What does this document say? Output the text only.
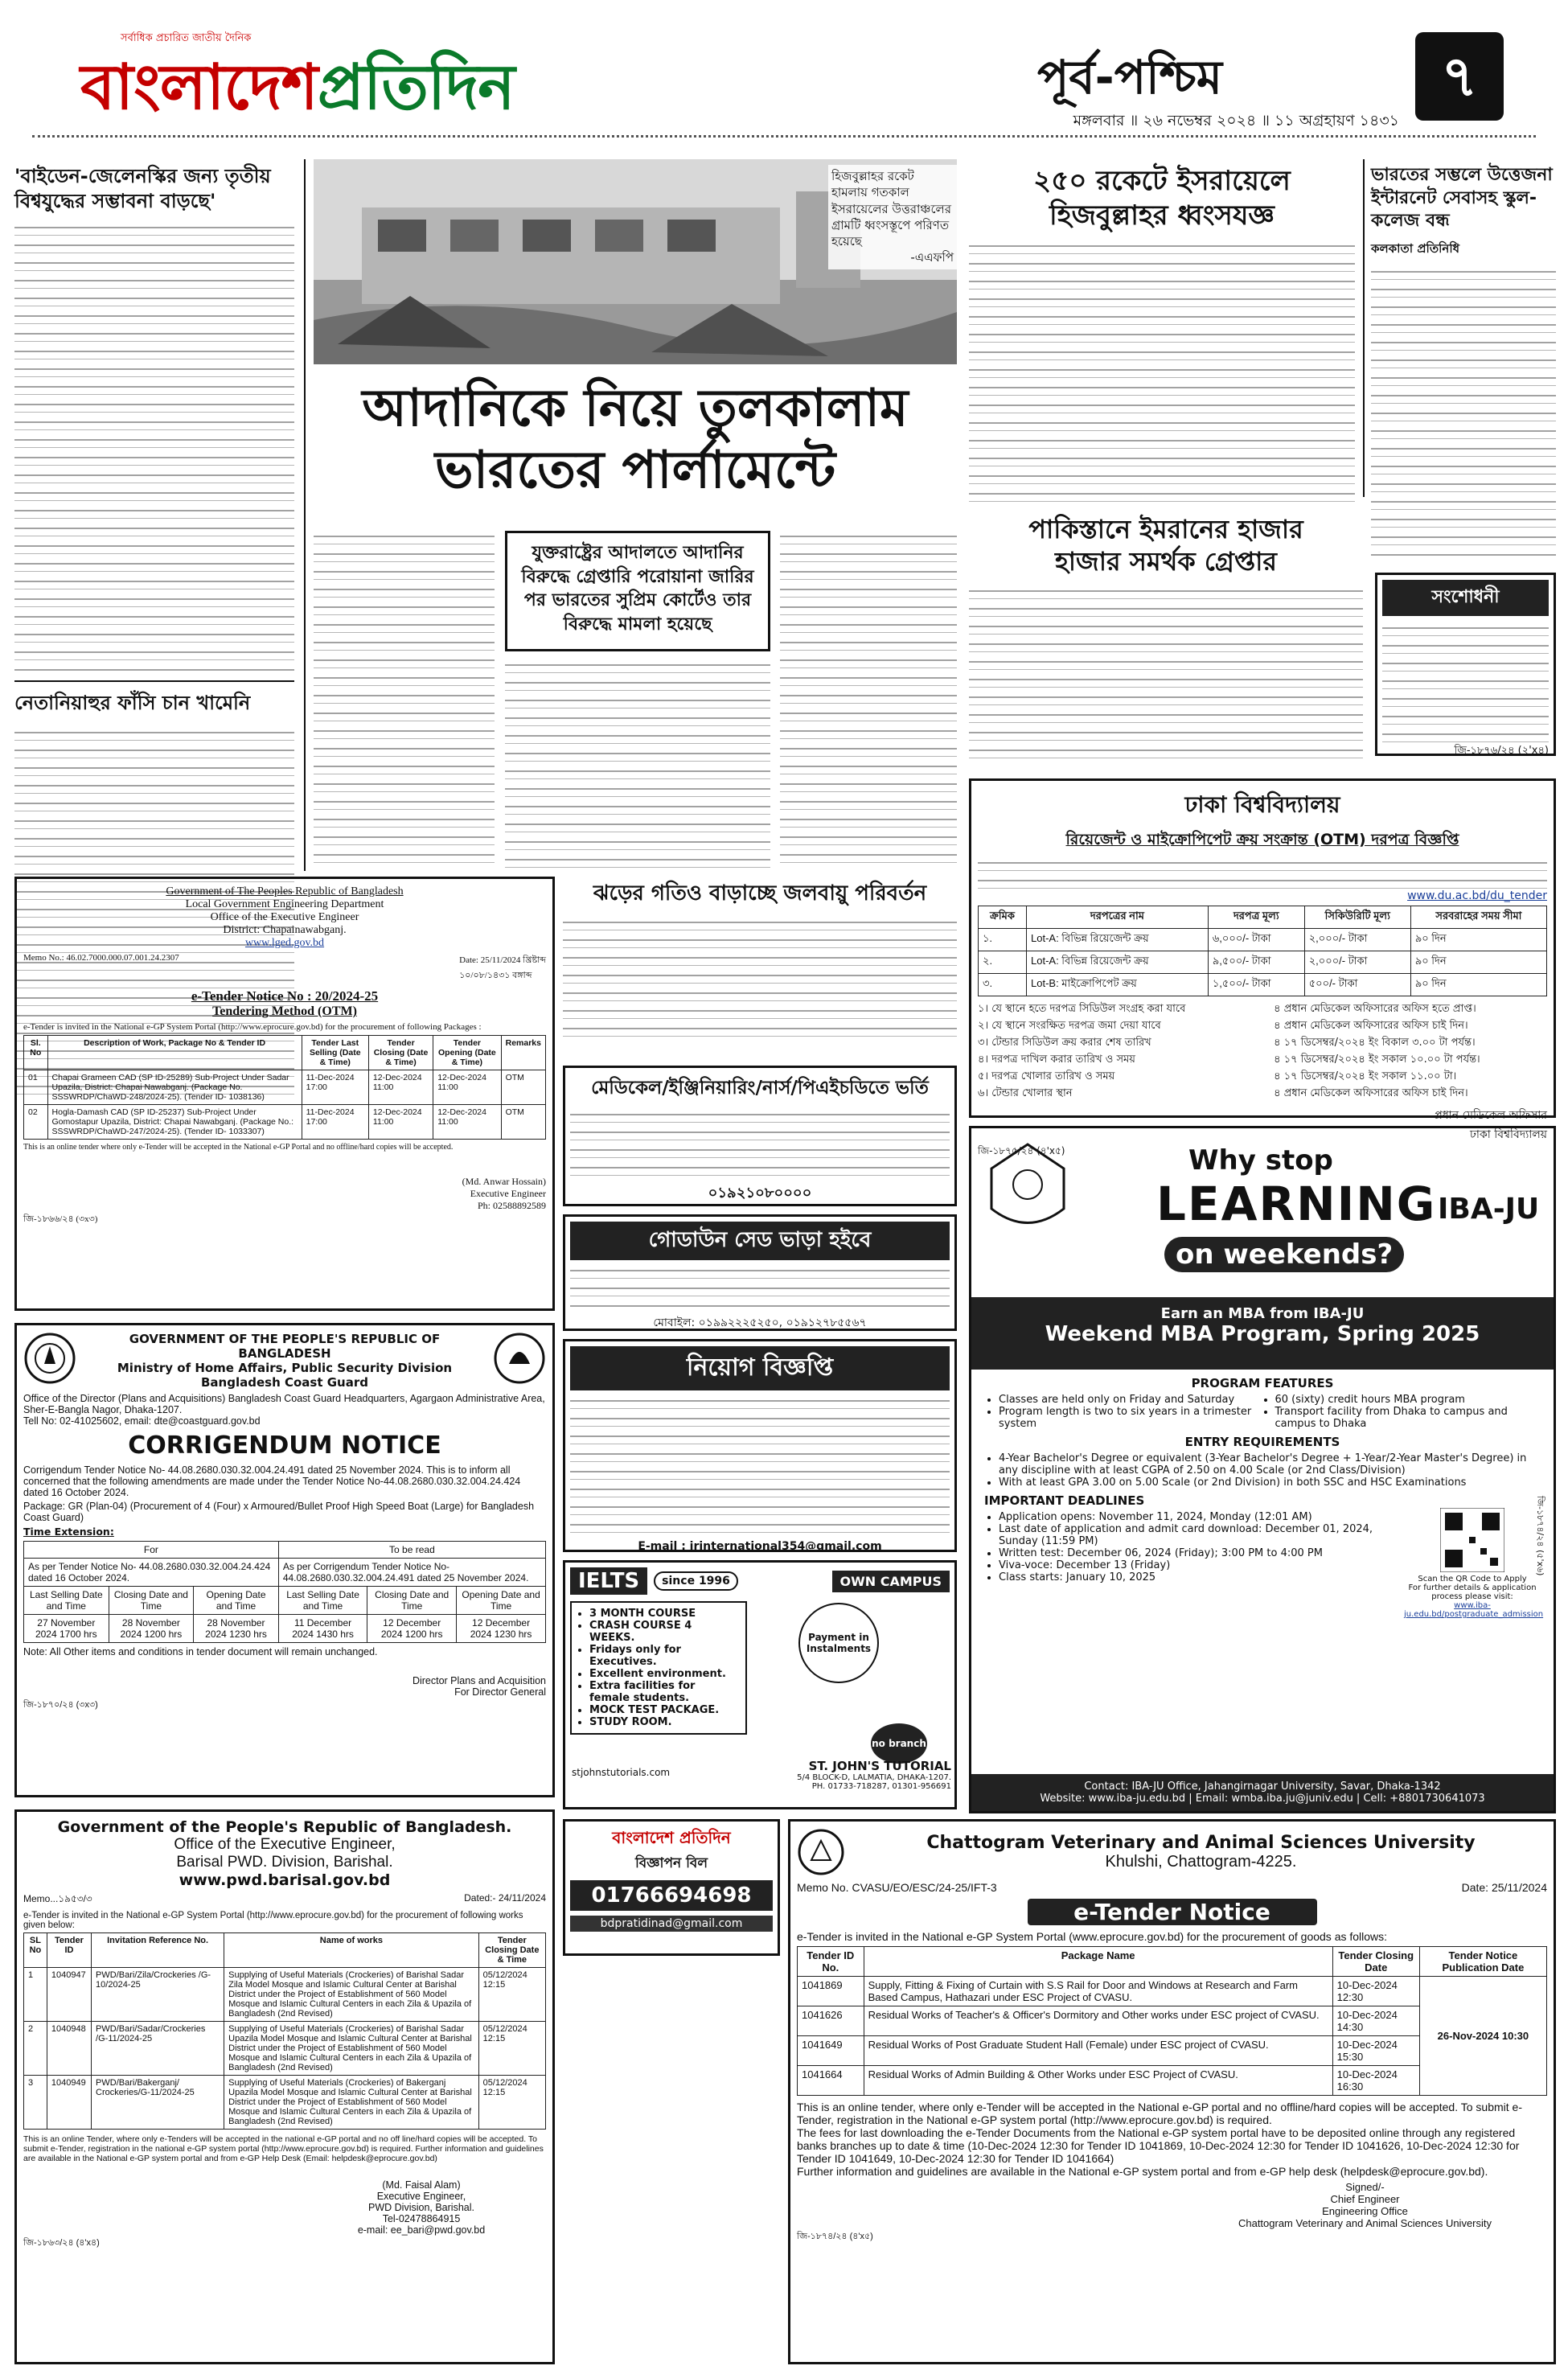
সর্বাধিক প্রচারিত জাতীয় দৈনিক
বাংলাদেশপ্রতিদিন	পূর্ব-পশ্চিম	৭
মঙ্গলবার ॥ ২৬ নভেম্বর ২০২৪ ॥ ১১ অগ্রহায়ণ ১৪৩১
'বাইডেন-জেলেনস্কির জন্য তৃতীয় বিশ্বযুদ্ধের সম্ভাবনা বাড়ছে'
নেতানিয়াহুর ফাঁসি চান খামেনি
হিজবুল্লাহর রকেট হামলায় গতকাল ইসরায়েলের উত্তরাঞ্চলের গ্রামটি ধ্বংসস্তূপে পরিণত হয়েছে
-এএফপি
২৫০ রকেটে ইসরায়েলে
হিজবুল্লাহর ধ্বংসযজ্ঞ
ভারতের সম্ভলে উত্তেজনা ইন্টারনেট সেবাসহ স্কুল-কলেজ বন্ধ
কলকাতা প্রতিনিধি
সংশোধনী
জি-১৮৭৬/২৪ (২'x৪)
আদানিকে নিয়ে তুলকালাম
ভারতের পার্লামেন্টে
যুক্তরাষ্ট্রের আদালতে আদানির বিরুদ্ধে গ্রেপ্তারি পরোয়ানা জারির পর ভারতের সুপ্রিম কোর্টেও তার বিরুদ্ধে মামলা হয়েছে
পাকিস্তানে ইমরানের হাজার
হাজার সমর্থক গ্রেপ্তার
ঢাকা বিশ্ববিদ্যালয়
রিয়েজেন্ট ও মাইক্রোপিপেট ক্রয় সংক্রান্ত (OTM) দরপত্র বিজ্ঞপ্তি
www.du.ac.bd/du_tender
ক্রমিক	দরপত্রের নাম	দরপত্র মূল্য	সিকিউরিটি মূল্য	সরবরাহের সময় সীমা
১.	Lot-A: বিভিন্ন রিয়েজেন্ট ক্রয়	৬,০০০/- টাকা	২,০০০/- টাকা	৯০ দিন
২.	Lot-A: বিভিন্ন রিয়েজেন্ট ক্রয়	৯,৫০০/- টাকা	২,০০০/- টাকা	৯০ দিন
৩.	Lot-B: মাইক্রোপিপেট ক্রয়	১,৫০০/- টাকা	৫০০/- টাকা	৯০ দিন
১। যে স্থানে হতে দরপত্র সিডিউল সংগ্রহ করা যাবে	৪ প্রধান মেডিকেল অফিসারের অফিস হতে প্রাপ্ত।
২। যে স্থানে সংরক্ষিত দরপত্র জমা দেয়া যাবে	৪ প্রধান মেডিকেল অফিসারের অফিস চাই দিন।
৩। টেন্ডার সিডিউল ক্রয় করার শেষ তারিখ	৪ ১৭ ডিসেম্বর/২০২৪ ইং বিকাল ৩.০০ টা পর্যন্ত।
৪। দরপত্র দাখিল করার তারিখ ও সময়	৪ ১৭ ডিসেম্বর/২০২৪ ইং সকাল ১০.০০ টা পর্যন্ত।
৫। দরপত্র খোলার তারিখ ও সময়	৪ ১৭ ডিসেম্বর/২০২৪ ইং সকাল ১১.০০ টা।
৬। টেন্ডার খোলার স্থান	৪ প্রধান মেডিকেল অফিসারের অফিস চাই দিন।
প্রধান মেডিকেল অফিসার
ঢাকা বিশ্ববিদ্যালয়
জি-১৮৭৫/২৪ (৪'x৫)
ঝড়ের গতিও বাড়াচ্ছে জলবায়ু পরিবর্তন
Government of The Peoples Republic of Bangladesh
Local Government Engineering Department
Office of the Executive Engineer
District: Chapainawabganj.
www.lged.gov.bd
Memo No.: 46.02.7000.000.07.001.24.2307	Date: 25/11/2024 খ্রিষ্টাব্দ
১০/০৮/১৪৩১ বঙ্গাব্দ
e-Tender Notice No : 20/2024-25
Tendering Method (OTM)
e-Tender is invited in the National e-GP System Portal (http://www.eprocure.gov.bd) for the procurement of following Packages :
Sl. No	Description of Work, Package No & Tender ID	Tender Last Selling (Date & Time)	Tender Closing (Date & Time)	Tender Opening (Date & Time)	Remarks
01	Chapai Grameen CAD (SP ID-25289) Sub-Project Under Sadar Upazila, District: Chapai Nawabganj. (Package No. SSSWRDP/ChaWD-248/2024-25). (Tender ID- 1038136)	11-Dec-2024 17:00	12-Dec-2024 11:00	12-Dec-2024 11:00	OTM
02	Hogla-Damash CAD (SP ID-25237) Sub-Project Under Gomostapur Upazila, District: Chapai Nawabganj. (Package No.: SSSWRDP/ChaWD-247/2024-25). (Tender ID- 1033307)	11-Dec-2024 17:00	12-Dec-2024 11:00	12-Dec-2024 11:00	OTM
This is an online tender where only e-Tender will be accepted in the National e-GP Portal and no offline/hard copies will be accepted.
(Md. Anwar Hossain)
Executive Engineer
Ph: 02588892589
জি-১৮৬৬/২৪ (৩x৩)
মেডিকেল/ইঞ্জিনিয়ারিং/নার্স/পিএইচডিতে ভর্তি
০১৯২১০৮০০০০
গোডাউন সেড ভাড়া হইবে
মোবাইল: ০১৯৯২২২৫২৫০, ০১৯১২৭৮৫৫৬৭
নিয়োগ বিজ্ঞপ্তি
E-mail : jrinternational354@gmail.com
IELTS	since 1996	OWN CAMPUS
• 3 MONTH COURSE
• CRASH COURSE 4 WEEKS.
• Fridays only for Executives.
• Excellent environment.
• Extra facilities for female students.
• MOCK TEST PACKAGE.
• STUDY ROOM.
Payment in Instalments
no branch
stjohnstutorials.com	ST. JOHN'S TUTORIAL
5/4 BLOCK-D, LALMATIA, DHAKA-1207.
PH. 01733-718287, 01301-956691
GOVERNMENT OF THE PEOPLE'S REPUBLIC OF BANGLADESH
Ministry of Home Affairs, Public Security Division
Bangladesh Coast Guard
Office of the Director (Plans and Acquisitions) Bangladesh Coast Guard Headquarters, Agargaon Administrative Area, Sher-E-Bangla Nagor, Dhaka-1207.
Tell No: 02-41025602, email: dte@coastguard.gov.bd
CORRIGENDUM NOTICE
Corrigendum Tender Notice No- 44.08.2680.030.32.004.24.491 dated 25 November 2024. This is to inform all concerned that the following amendments are made under the Tender Notice No-44.08.2680.030.32.004.24.424 dated 16 October 2024.
Package: GR (Plan-04) (Procurement of 4 (Four) x Armoured/Bullet Proof High Speed Boat (Large) for Bangladesh Coast Guard)
Time Extension:
For			To be read		
As per Tender Notice No- 44.08.2680.030.32.004.24.424 dated 16 October 2024.			As per Corrigendum Tender Notice No- 44.08.2680.030.32.004.24.491 dated 25 November 2024.		
Last Selling Date and Time	Closing Date and Time	Opening Date and Time	Last Selling Date and Time	Closing Date and Time	Opening Date and Time
27 November 2024 1700 hrs	28 November 2024 1200 hrs	28 November 2024 1230 hrs	11 December 2024 1430 hrs	12 December 2024 1200 hrs	12 December 2024 1230 hrs
Note: All Other items and conditions in tender document will remain unchanged.
Director Plans and Acquisition
For Director General
জি-১৮৭০/২৪ (৩x৩)
Why stop
LEARNING
on weekends?
IBA-JU
Earn an MBA from IBA-JU
Weekend MBA Program, Spring 2025
PROGRAM FEATURES
• Classes are held only on Friday and Saturday
• Program length is two to six years in a trimester system
• 60 (sixty) credit hours MBA program
• Transport facility from Dhaka to campus and campus to Dhaka
ENTRY REQUIREMENTS
• 4-Year Bachelor's Degree or equivalent (3-Year Bachelor's Degree + 1-Year/2-Year Master's Degree) in any discipline with at least CGPA of 2.50 on 4.00 Scale (or 2nd Class/Division)
• With at least GPA 3.00 on 5.00 Scale (or 2nd Division) in both SSC and HSC Examinations
IMPORTANT DEADLINES
• Application opens: November 11, 2024, Monday (12:01 AM)
• Last date of application and admit card download: December 01, 2024, Sunday (11:59 PM)
• Written test: December 06, 2024 (Friday); 3:00 PM to 4:00 PM
• Viva-voce: December 13 (Friday)
• Class starts: January 10, 2025	Scan the QR Code to Apply
For further details & application process please visit:
www.iba-ju.edu.bd/postgraduate_admission
Contact: IBA-JU Office, Jahangirnagar University, Savar, Dhaka-1342
Website: www.iba-ju.edu.bd | Email: wmba.iba.ju@juniv.edu | Cell: +8801730641073
জি-১৮৭৪/২৪ (৫'x৬)
বাংলাদেশ প্রতিদিন
বিজ্ঞাপন বিল
01766694698
bdpratidinad@gmail.com
Government of the People's Republic of Bangladesh.
Office of the Executive Engineer,
Barisal PWD. Division, Barishal.
www.pwd.barisal.gov.bd
Memo...১৯৫৩/৩	Dated:- 24/11/2024
e-Tender is invited in the National e-GP System Portal (http://www.eprocure.gov.bd) for the procurement of following works given below:
SL No	Tender ID	Invitation Reference No.	Name of works	Tender Closing Date & Time
1	1040947	PWD/Bari/Zila/Crockeries /G-10/2024-25	Supplying of Useful Materials (Crockeries) of Barishal Sadar Zila Model Mosque and Islamic Cultural Center at Barishal District under the Project of Establishment of 560 Model Mosque and Islamic Cultural Centers in each Zila & Upazila of Bangladesh (2nd Revised)	05/12/2024 12:15
2	1040948	PWD/Bari/Sadar/Crockeries /G-11/2024-25	Supplying of Useful Materials (Crockeries) of Barishal Sadar Upazila Model Mosque and Islamic Cultural Center at Barishal District under the Project of Establishment of 560 Model Mosque and Islamic Cultural Centers in each Zila & Upazila of Bangladesh (2nd Revised)	05/12/2024 12:15
3	1040949	PWD/Bari/Bakerganj/ Crockeries/G-11/2024-25	Supplying of Useful Materials (Crockeries) of Bakerganj Upazila Model Mosque and Islamic Cultural Center at Barishal District under the Project of Establishment of 560 Model Mosque and Islamic Cultural Centers in each Zila & Upazila of Bangladesh (2nd Revised)	05/12/2024 12:15
This is an online Tender, where only e-Tenders will be accepted in the national e-GP portal and no off line/hard copies will be accepted. To submit e-Tender, registration in the national e-GP system portal (http://www.eprocure.gov.bd) is required. Further information and guidelines are available in the National e-GP system portal and from e-GP Help Desk (Email: helpdesk@eprocure.gov.bd)
(Md. Faisal Alam)
Executive Engineer,
PWD Division, Barishal.
Tel-02478864915
e-mail: ee_bari@pwd.gov.bd
জি-১৮৬৩/২৪ (৪'x৪)
Chattogram Veterinary and Animal Sciences University
Khulshi, Chattogram-4225.
Memo No. CVASU/EO/ESC/24-25/IFT-3	Date: 25/11/2024
e-Tender Notice
e-Tender is invited in the National e-GP System Portal (www.eprocure.gov.bd) for the procurement of goods as follows:
Tender ID No.	Package Name	Tender Closing Date	Tender Notice Publication Date
1041869	Supply, Fitting & Fixing of Curtain with S.S Rail for Door and Windows at Research and Farm Based Campus, Hathazari under ESC Project of CVASU.	10-Dec-2024 12:30	26-Nov-2024 10:30
1041626	Residual Works of Teacher's & Officer's Dormitory and Other works under ESC project of CVASU.	10-Dec-2024 14:30	
1041649	Residual Works of Post Graduate Student Hall (Female) under ESC project of CVASU.	10-Dec-2024 15:30	
1041664	Residual Works of Admin Building & Other Works under ESC Project of CVASU.	10-Dec-2024 16:30	
This is an online tender, where only e-Tender will be accepted in the National e-GP portal and no offline/hard copies will be accepted. To submit e-Tender, registration in the National e-GP system portal (http://www.eprocure.gov.bd) is required.
The fees for last downloading the e-Tender Documents from the National e-GP system portal have to be deposited online through any registered banks branches up to date & time (10-Dec-2024 12:30 for Tender ID 1041869, 10-Dec-2024 12:30 for Tender ID 1041626, 10-Dec-2024 12:30 for Tender ID 1041649, 10-Dec-2024 12:30 for Tender ID 1041664)
Further information and guidelines are available in the National e-GP system portal and from e-GP help desk (helpdesk@eprocure.gov.bd).
Signed/-
Chief Engineer
Engineering Office
Chattogram Veterinary and Animal Sciences University
জি-১৮৭৪/২৪ (৪'x৫)
